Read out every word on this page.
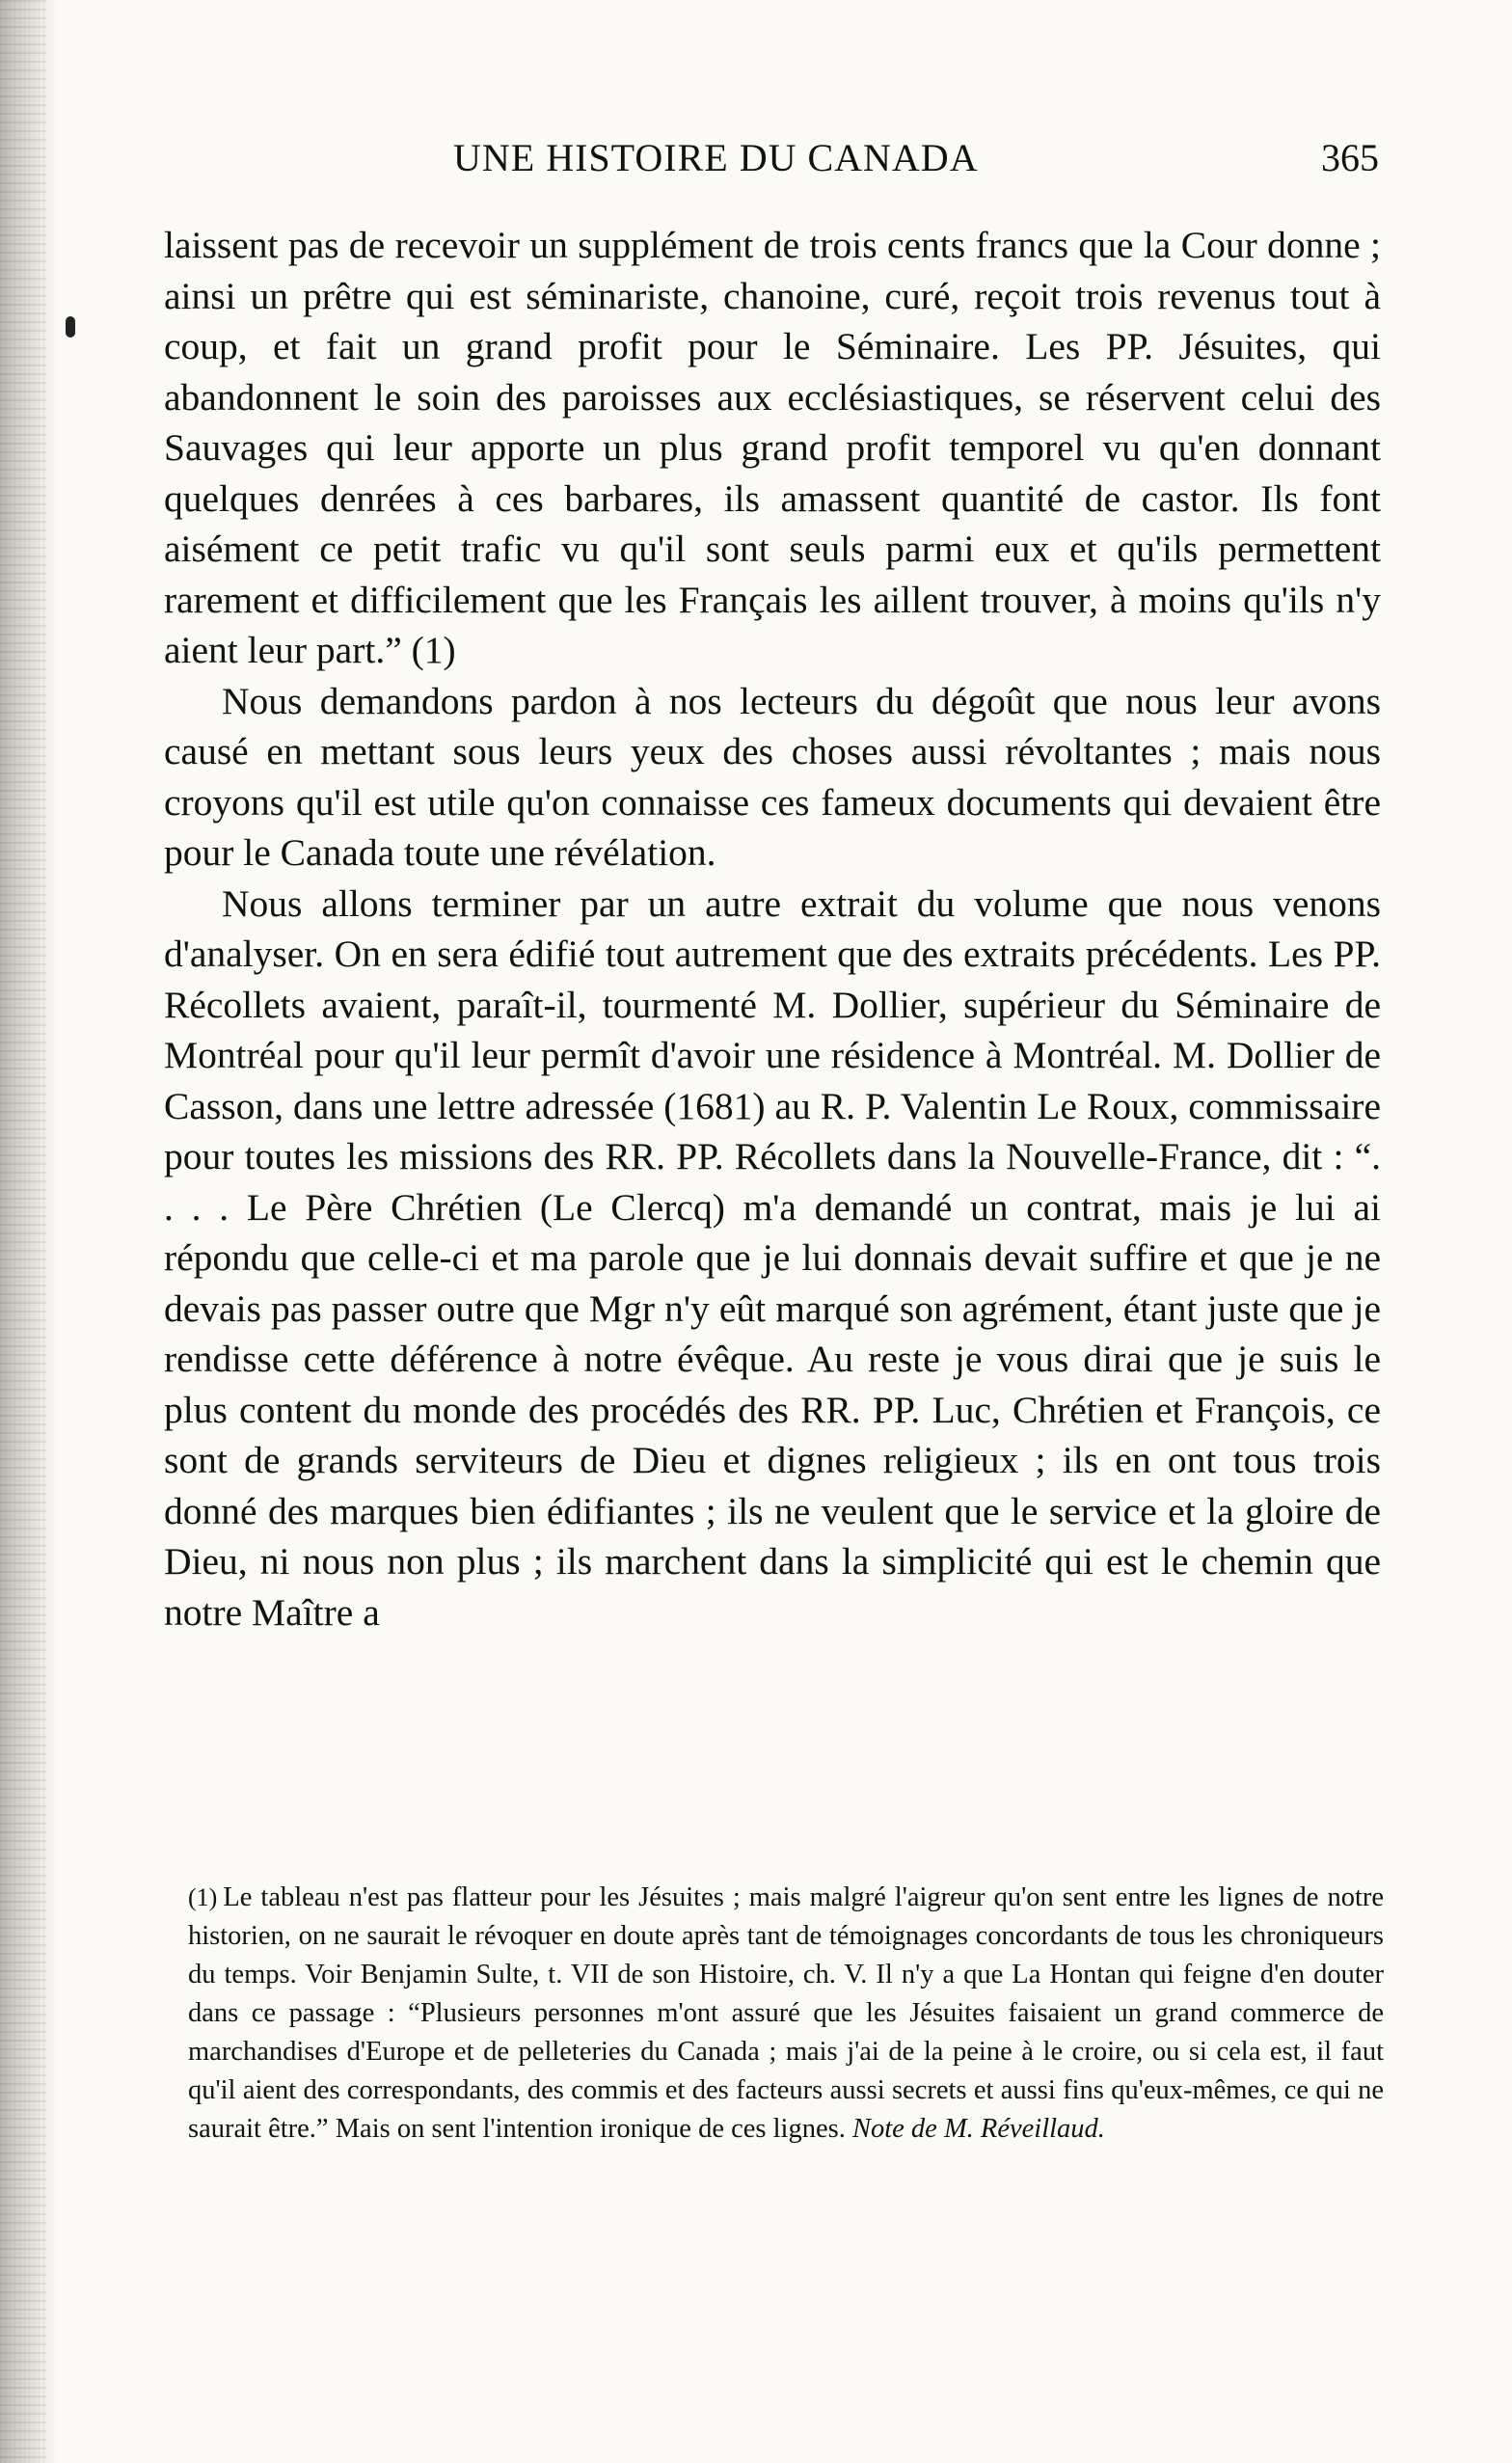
UNE HISTOIRE DU CANADA	365

laissent pas de recevoir un supplément de trois cents francs que la Cour donne ; ainsi un prêtre qui est séminariste, chanoine, curé, reçoit trois revenus tout à coup, et fait un grand profit pour le Séminaire. Les PP. Jésuites, qui abandonnent le soin des paroisses aux ecclésiastiques, se réservent celui des Sauvages qui leur apporte un plus grand profit temporel vu qu'en donnant quelques denrées à ces barbares, ils amassent quantité de castor. Ils font aisément ce petit trafic vu qu'il sont seuls parmi eux et qu'ils permettent rarement et difficilement que les Français les aillent trouver, à moins qu'ils n'y aient leur part.” (1)

Nous demandons pardon à nos lecteurs du dégoût que nous leur avons causé en mettant sous leurs yeux des choses aussi révoltantes ; mais nous croyons qu'il est utile qu'on connaisse ces fameux documents qui devaient être pour le Canada toute une révélation.

Nous allons terminer par un autre extrait du volume que nous venons d'analyser. On en sera édifié tout autrement que des extraits précédents. Les PP. Récollets avaient, paraît-il, tourmenté M. Dollier, supérieur du Séminaire de Montréal pour qu'il leur permît d'avoir une résidence à Montréal. M. Dollier de Casson, dans une lettre adressée (1681) au R. P. Valentin Le Roux, commissaire pour toutes les missions des RR. PP. Récollets dans la Nouvelle-France, dit : “. . . . Le Père Chrétien (Le Clercq) m'a demandé un contrat, mais je lui ai répondu que celle-ci et ma parole que je lui donnais devait suffire et que je ne devais pas passer outre que Mgr n'y eût marqué son agrément, étant juste que je rendisse cette déférence à notre évêque. Au reste je vous dirai que je suis le plus content du monde des procédés des RR. PP. Luc, Chrétien et François, ce sont de grands serviteurs de Dieu et dignes religieux ; ils en ont tous trois donné des marques bien édifiantes ; ils ne veulent que le service et la gloire de Dieu, ni nous non plus ; ils marchent dans la simplicité qui est le chemin que notre Maître a

(1) Le tableau n'est pas flatteur pour les Jésuites ; mais malgré l'aigreur qu'on sent entre les lignes de notre historien, on ne saurait le révoquer en doute après tant de témoignages concordants de tous les chroniqueurs du temps. Voir Benjamin Sulte, t. VII de son Histoire, ch. V. Il n'y a que La Hontan qui feigne d'en douter dans ce passage : “Plusieurs personnes m'ont assuré que les Jésuites faisaient un grand commerce de marchandises d'Europe et de pelleteries du Canada ; mais j'ai de la peine à le croire, ou si cela est, il faut qu'il aient des correspondants, des commis et des facteurs aussi secrets et aussi fins qu'eux-mêmes, ce qui ne saurait être.” Mais on sent l'intention ironique de ces lignes. Note de M. Réveillaud.
